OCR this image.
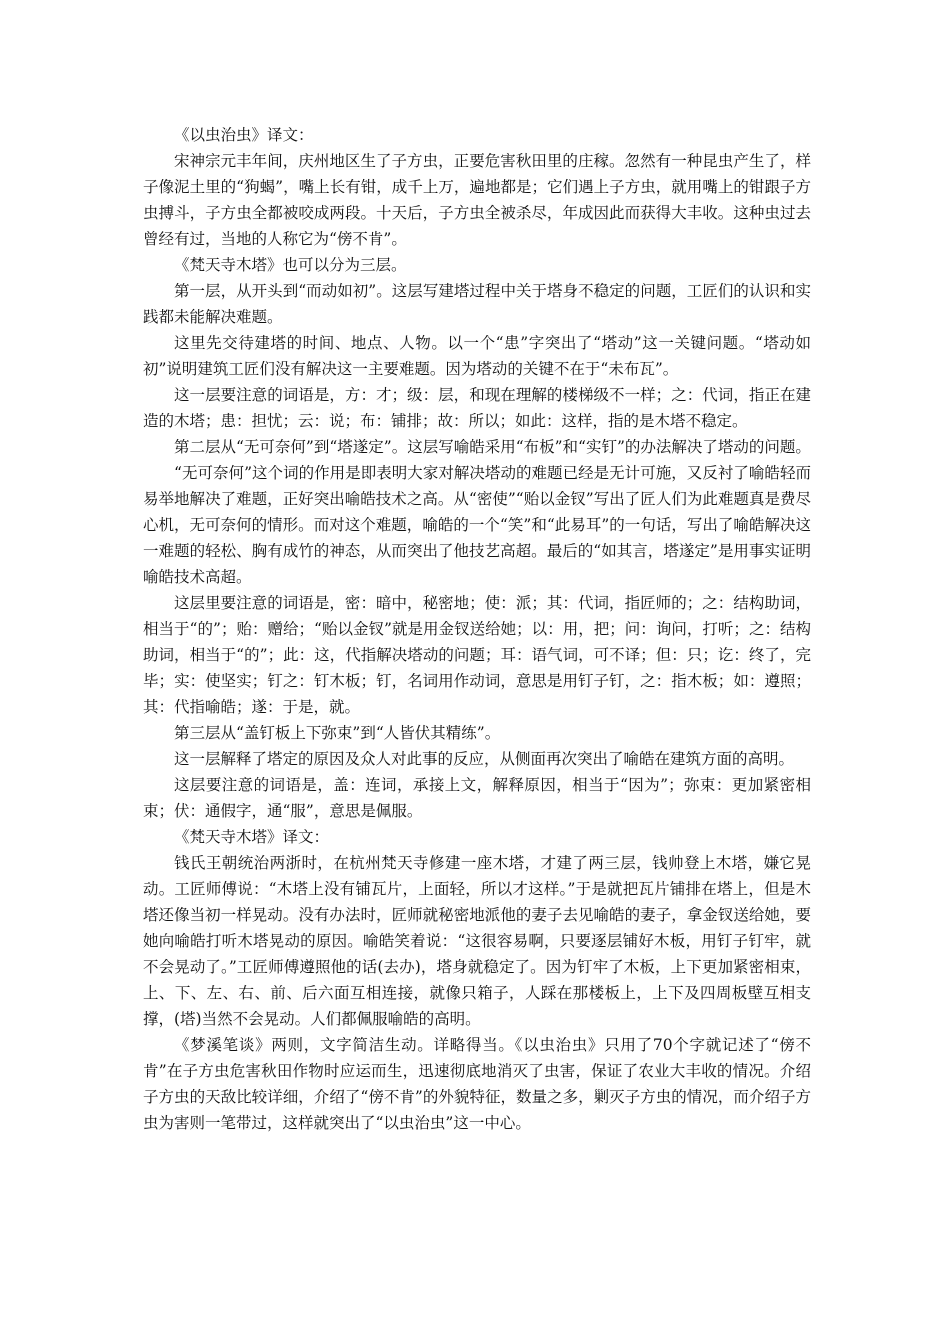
《以虫治虫》译文：

宋神宗元丰年间，庆州地区生了子方虫，正要危害秋田里的庄稼。忽然有一种昆虫产生了，样子像泥土里的“狗蝎”，嘴上长有钳，成千上万，遍地都是；它们遇上子方虫，就用嘴上的钳跟子方虫搏斗，子方虫全都被咬成两段。十天后，子方虫全被杀尽，年成因此而获得大丰收。这种虫过去曾经有过，当地的人称它为“傍不肯”。

《梵天寺木塔》也可以分为三层。

第一层，从开头到“而动如初”。这层写建塔过程中关于塔身不稳定的问题，工匠们的认识和实践都未能解决难题。

这里先交待建塔的时间、地点、人物。以一个“患”字突出了“塔动”这一关键问题。“塔动如初”说明建筑工匠们没有解决这一主要难题。因为塔动的关键不在于“未布瓦”。

这一层要注意的词语是，方：才；级：层，和现在理解的楼梯级不一样；之：代词，指正在建造的木塔；患：担忧；云：说；布：铺排；故：所以；如此：这样，指的是木塔不稳定。

第二层从“无可奈何”到“塔遂定”。这层写喻皓采用“布板”和“实钉”的办法解决了塔动的问题。

“无可奈何”这个词的作用是即表明大家对解决塔动的难题已经是无计可施，又反衬了喻皓轻而易举地解决了难题，正好突出喻皓技术之高。从“密使”“贻以金钗”写出了匠人们为此难题真是费尽心机，无可奈何的情形。而对这个难题，喻皓的一个“笑”和“此易耳”的一句话，写出了喻皓解决这一难题的轻松、胸有成竹的神态，从而突出了他技艺高超。最后的“如其言，塔遂定”是用事实证明喻皓技术高超。

这层里要注意的词语是，密：暗中，秘密地；使：派；其：代词，指匠师的；之：结构助词，相当于“的”；贻：赠给；“贻以金钗”就是用金钗送给她；以：用，把；问：询问，打听；之：结构助词，相当于“的”；此：这，代指解决塔动的问题；耳：语气词，可不译；但：只；讫：终了，完毕；实：使坚实；钉之：钉木板；钉，名词用作动词，意思是用钉子钉，之：指木板；如：遵照；其：代指喻皓；遂：于是，就。

第三层从“盖钉板上下弥束”到“人皆伏其精练”。

这一层解释了塔定的原因及众人对此事的反应，从侧面再次突出了喻皓在建筑方面的高明。

这层要注意的词语是，盖：连词，承接上文，解释原因，相当于“因为”；弥束：更加紧密相束；伏：通假字，通“服”，意思是佩服。

《梵天寺木塔》译文：

钱氏王朝统治两浙时，在杭州梵天寺修建一座木塔，才建了两三层，钱帅登上木塔，嫌它晃动。工匠师傅说：“木塔上没有铺瓦片，上面轻，所以才这样。”于是就把瓦片铺排在塔上，但是木塔还像当初一样晃动。没有办法时，匠师就秘密地派他的妻子去见喻皓的妻子，拿金钗送给她，要她向喻皓打听木塔晃动的原因。喻皓笑着说：“这很容易啊，只要逐层铺好木板，用钉子钉牢，就不会晃动了。”工匠师傅遵照他的话(去办)，塔身就稳定了。因为钉牢了木板，上下更加紧密相束，上、下、左、右、前、后六面互相连接，就像只箱子，人踩在那楼板上，上下及四周板壁互相支撑，(塔)当然不会晃动。人们都佩服喻皓的高明。

《梦溪笔谈》两则，文字简洁生动。详略得当。《以虫治虫》只用了70个字就记述了“傍不肯”在子方虫危害秋田作物时应运而生，迅速彻底地消灭了虫害，保证了农业大丰收的情况。介绍子方虫的天敌比较详细，介绍了“傍不肯”的外貌特征，数量之多，剿灭子方虫的情况，而介绍子方虫为害则一笔带过，这样就突出了“以虫治虫”这一中心。
